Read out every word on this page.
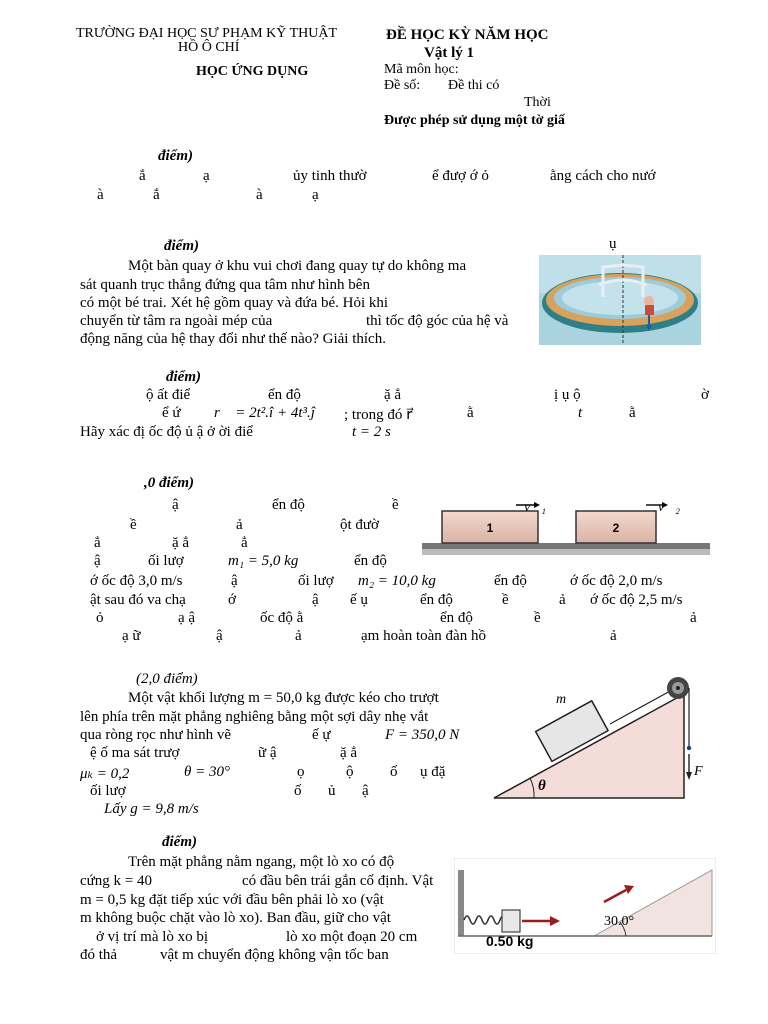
TRƯỜNG ĐẠI HỌC SƯ PHẠM KỸ THUẬT
HỒ Ô CHÍ
HỌC ỨNG DỤNG
ĐỀ HỌC KỲ NĂM HỌC
Vật lý 1
Mã môn học:
Đề số: Đề thi có
Thời
Được phép sử dụng một tờ giấ
điểm)
ắ	ạ	ủy tinh thườ	ể đượ ớ ỏ	ằng cách cho nướ
à	ắ	à	ạ
điểm)	ụ
Một bàn quay ở khu vui chơi đang quay tự do không ma
sát quanh trục thẳng đứng qua tâm như hình bên
có một bé trai. Xét hệ gồm quay và đứa bé. Hỏi khi
chuyển từ tâm ra ngoài mép của	thì tốc độ góc của hệ và
động năng của hệ thay đổi như thế nào? Giải thích.
điểm)
ộ ất điể	ển độ	ặ ẳ	ị ụ ộ	ờ
ể ứ r⃗ = 2t².î + 4t³.ĵ ; trong đó r⃗	ằ	t	ằ
Hãy xác đị ốc độ ủ ậ ở ời điể	t = 2 s
,0 điểm)
ậ	ển độ	ề
ề	ả	ột đườ
ẳ	ặ ẳ	ẳ
ậ	ối lượ	m₁ = 5,0 kg	ển độ
ớ ốc độ 3,0 m/s	ậ	ối lượ m₂ = 10,0 kg	ển độ	ớ ốc độ 2,0 m/s
ật sau đó va chạ	ớ	ậ ế ụ	ển độ	ề	ả ớ ốc độ 2,5 m/s
ỏ	ạ ậ	ốc độ ằ	ển độ	ề	ả
ạ ữ	ậ	ả	ạm hoàn toàn đàn hồ	ả
1	2
v⃗₁	v⃗₂
(2,0 điểm)
Một vật khối lượng m = 50,0 kg được kéo cho trượt
lên phía trên mặt phẳng nghiêng bằng một sợi dây nhẹ vắt
qua ròng rọc như hình vẽ	ế ự	F = 350,0 N
ệ ố ma sát trượ	ữ ậ	ặ ẳ
μₖ = 0,2	θ = 30°	ọ	ộ ố ụ đặ
ối lượ	ố ủ ậ
Lấy g = 9,8 m/s
m
θ
F⃗
điểm)
Trên mặt phẳng nằm ngang, một lò xo có độ
cứng k = 40	có đầu bên trái gắn cố định. Vật
m = 0,5 kg đặt tiếp xúc với đầu bên phải lò xo (vật
m không buộc chặt vào lò xo). Ban đầu, giữ cho vật
ở vị trí mà lò xo bị	lò xo một đoạn 20 cm
đó thả	vật m chuyển động không vận tốc ban
30.0°
0.50 kg
